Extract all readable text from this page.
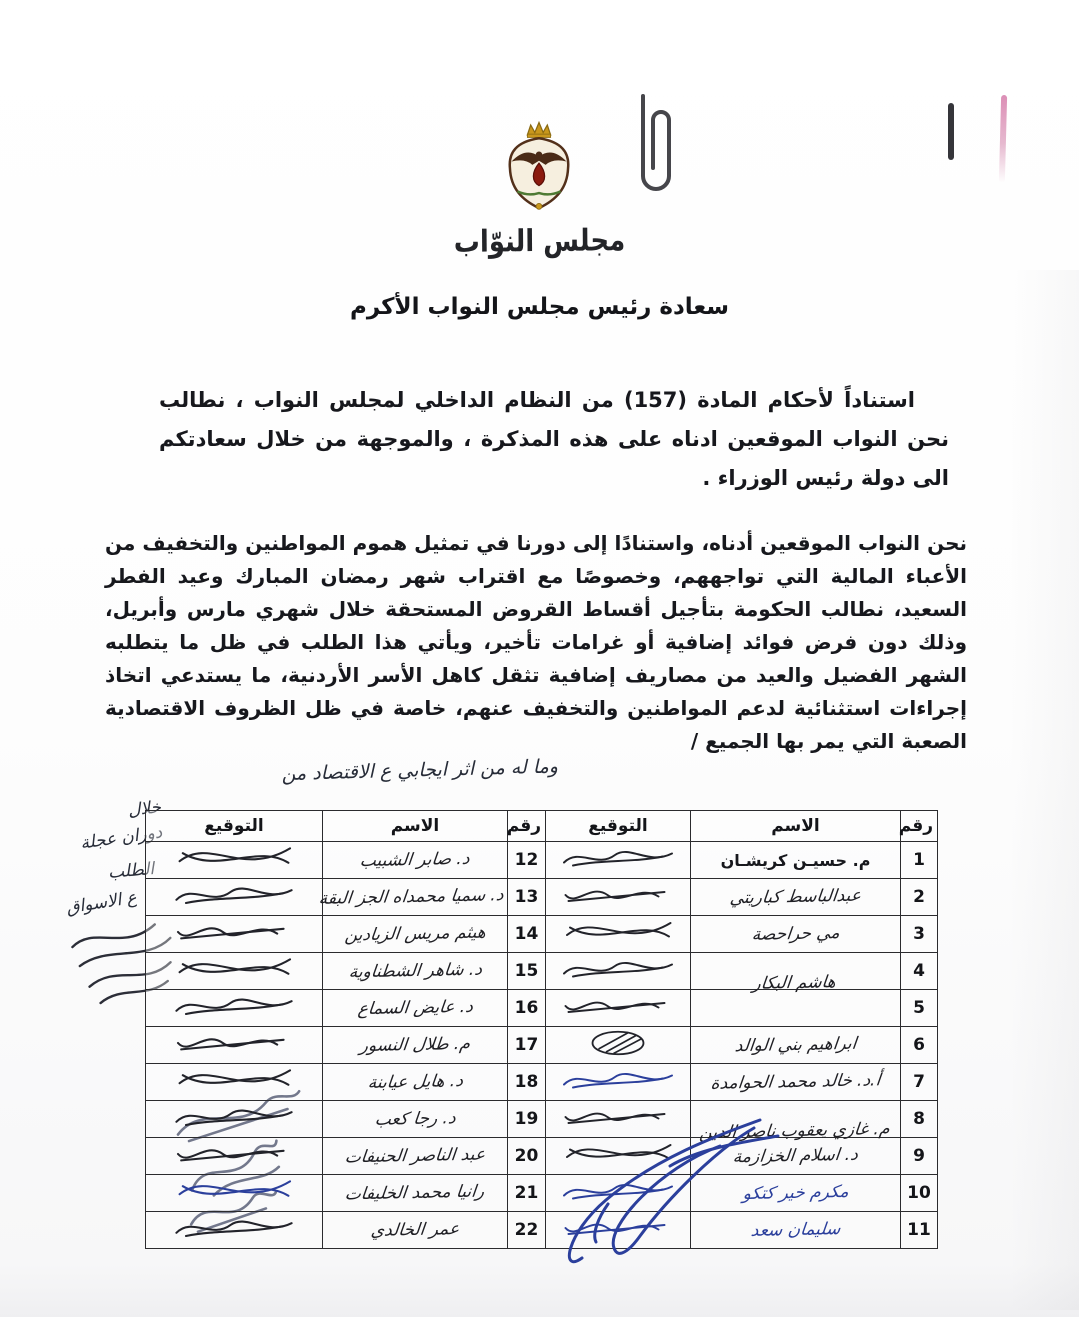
مجلس النوّاب
سعادة رئيس مجلس النواب الأكرم

استناداً لأحكام المادة (157) من النظام الداخلي لمجلس النواب ، نطالب نحن النواب الموقعين ادناه على هذه المذكرة ، والموجهة من خلال سعادتكم الى دولة رئيس الوزراء .

نحن النواب الموقعين أدناه، واستنادًا إلى دورنا في تمثيل هموم المواطنين والتخفيف من الأعباء المالية التي تواجههم، وخصوصًا مع اقتراب شهر رمضان المبارك وعيد الفطر السعيد، نطالب الحكومة بتأجيل أقساط القروض المستحقة خلال شهري مارس وأبريل، وذلك دون فرض فوائد إضافية أو غرامات تأخير، ويأتي هذا الطلب في ظل ما يتطلبه الشهر الفضيل والعيد من مصاريف إضافية تثقل كاهل الأسر الأردنية، ما يستدعي اتخاذ إجراءات استثنائية لدعم المواطنين والتخفيف عنهم، خاصة في ظل الظروف الاقتصادية الصعبة التي يمر بها الجميع /

وما له من اثر ايجابي ع الاقتصاد من
خلال
دوران عجلة
الطلب
ع الاسواق
رقم	الاسم	التوقيع	رقم	الاسم	التوقيع
1	م. حسيـن كريشـان		12	د. صابر الشبيب	
2	عبدالباسط كباريتي		13	د. سميا محمداه الجز البقة	
3	مي حراحصة		14	هيثم مريس الزيادين	
4	هاشم البكار		15	د. شاهر الشطناوية	
5			16	د. عايض السماع	
6	ابراهيم بني الوالد		17	م. طلال النسور	
7	أ.د. خالد محمد الحوامدة		18	د. هايل عيابنة	
8	م. غازي يعقوب ناصر الدين		19	د. رجا كعب	
9	د. اسلام الخزازمة		20	عبد الناصر الحنيفات	
10	مكرم خير كتكو		21	رانيا محمد الخليفات	
11	سليمان سعد		22	عمر الخالدي	
